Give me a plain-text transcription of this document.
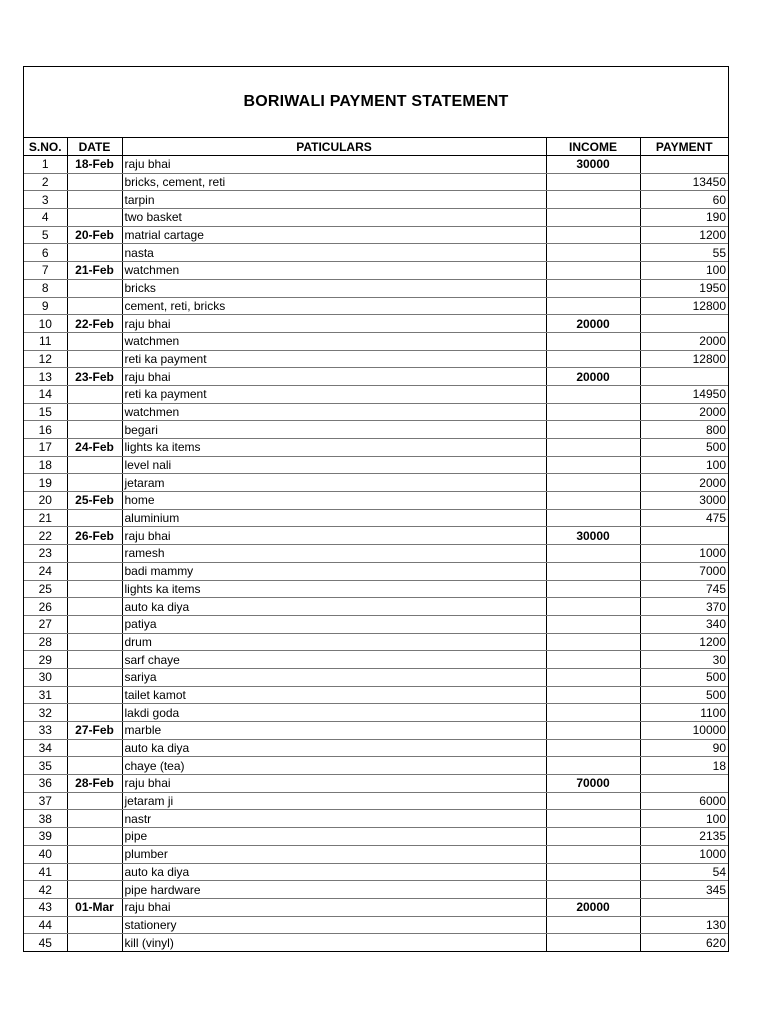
BORIWALI PAYMENT STATEMENT
S.NO.	DATE	PATICULARS	INCOME	PAYMENT
1	18-Feb	raju bhai	30000	
2		bricks, cement, reti		13450
3		tarpin		60
4		two basket		190
5	20-Feb	matrial cartage		1200
6		nasta		55
7	21-Feb	watchmen		100
8		bricks		1950
9		cement, reti, bricks		12800
10	22-Feb	raju bhai	20000	
11		watchmen		2000
12		reti ka payment		12800
13	23-Feb	raju bhai	20000	
14		reti ka payment		14950
15		watchmen		2000
16		begari		800
17	24-Feb	lights ka items		500
18		level nali		100
19		jetaram		2000
20	25-Feb	home		3000
21		aluminium		475
22	26-Feb	raju bhai	30000	
23		ramesh		1000
24		badi mammy		7000
25		lights ka items		745
26		auto ka diya		370
27		patiya		340
28		drum		1200
29		sarf chaye		30
30		sariya		500
31		tailet kamot		500
32		lakdi goda		1100
33	27-Feb	marble		10000
34		auto ka diya		90
35		chaye (tea)		18
36	28-Feb	raju bhai	70000	
37		jetaram ji		6000
38		nastr		100
39		pipe		2135
40		plumber		1000
41		auto ka diya		54
42		pipe hardware		345
43	01-Mar	raju bhai	20000	
44		stationery		130
45		kill (vinyl)		620
